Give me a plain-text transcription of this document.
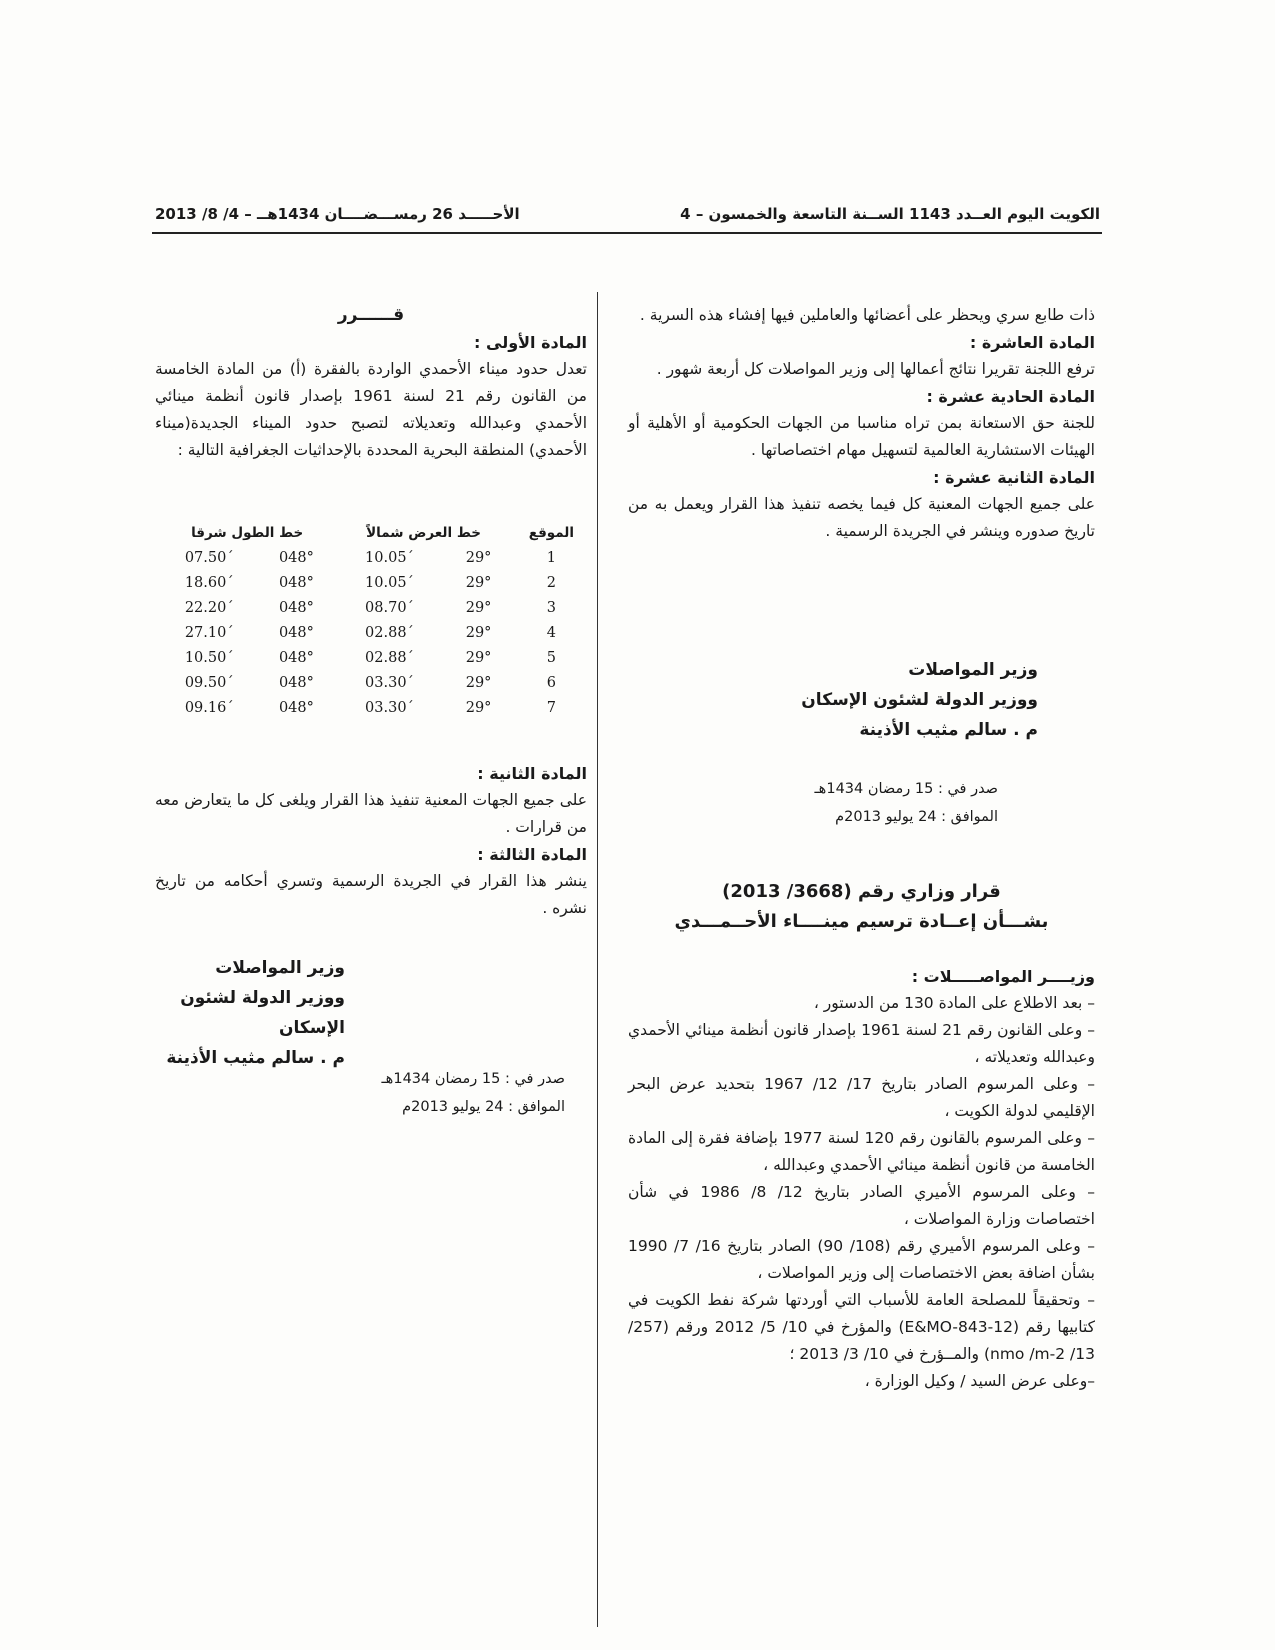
الكويت اليوم العــدد 1143 الســنة التاسعة والخمسون – 4
الأحـــــد 26 رمســـضــــان 1434هــ – 4/ 8/ 2013

ذات طابع سري ويحظر على أعضائها والعاملين فيها إفشاء هذه السرية .

المادة العاشرة :

ترفع اللجنة تقريرا نتائج أعمالها إلى وزير المواصلات كل أربعة شهور .

المادة الحادية عشرة :

للجنة حق الاستعانة بمن تراه مناسبا من الجهات الحكومية أو الأهلية أو الهيئات الاستشارية العالمية لتسهيل مهام اختصاصاتها .

المادة الثانية عشرة :

على جميع الجهات المعنية كل فيما يخصه تنفيذ هذا القرار ويعمل به من تاريخ صدوره وينشر في الجريدة الرسمية .

وزير المواصلات

ووزير الدولة لشئون الإسكان

م . سالم مثيب الأذينة

صدر في : 15 رمضان 1434هـ
الموافق : 24 يوليو 2013م
قرار وزاري رقم (3668/ 2013)
بشـــأن إعــادة ترسيم مينــــاء الأحــمـــدي

وزيــــر المواصـــــلات :

– بعد الاطلاع على المادة 130 من الدستور ،

– وعلى القانون رقم 21 لسنة 1961 بإصدار قانون أنظمة مينائي الأحمدي وعبدالله وتعديلاته ،

– وعلى المرسوم الصادر بتاريخ 17/ 12/ 1967 بتحديد عرض البحر الإقليمي لدولة الكويت ،

– وعلى المرسوم بالقانون رقم 120 لسنة 1977 بإضافة فقرة إلى المادة الخامسة من قانون أنظمة مينائي الأحمدي وعبدالله ،

– وعلى المرسوم الأميري الصادر بتاريخ 12/ 8/ 1986 في شأن اختصاصات وزارة المواصلات ،

– وعلى المرسوم الأميري رقم (108/ 90) الصادر بتاريخ 16/ 7/ 1990 بشأن اضافة بعض الاختصاصات إلى وزير المواصلات ،

– وتحقيقاً للمصلحة العامة للأسباب التي أوردتها شركة نفط الكويت في كتابيها رقم (E&MO-843-12) والمؤرخ في 10/ 5/ 2012 ورقم (257/ 13/ nmo /m-2) والمــؤرخ في 10/ 3/ 2013 ؛

–وعلى عرض السيد / وكيل الوزارة ،

قــــــرر

المادة الأولى :

تعدل حدود ميناء الأحمدي الواردة بالفقرة (أ) من المادة الخامسة من القانون رقم 21 لسنة 1961 بإصدار قانون أنظمة مينائي الأحمدي وعبدالله وتعديلاته لتصبح حدود الميناء الجديدة(ميناء الأحمدي) المنطقة البحرية المحددة بالإحداثيات الجغرافية التالية :

الموقع	خط العرض شمالاً		خط الطول شرقا	
1	29°	10.05´	048°	07.50´
2	29°	10.05´	048°	18.60´
3	29°	08.70´	048°	22.20´
4	29°	02.88´	048°	27.10´
5	29°	02.88´	048°	10.50´
6	29°	03.30´	048°	09.50´
7	29°	03.30´	048°	09.16´

المادة الثانية :

على جميع الجهات المعنية تنفيذ هذا القرار ويلغى كل ما يتعارض معه من قرارات .

المادة الثالثة :

ينشر هذا القرار في الجريدة الرسمية وتسري أحكامه من تاريخ نشره .

وزير المواصلات

ووزير الدولة لشئون الإسكان

م . سالم مثيب الأذينة

صدر في : 15 رمضان 1434هـ
الموافق : 24 يوليو 2013م
